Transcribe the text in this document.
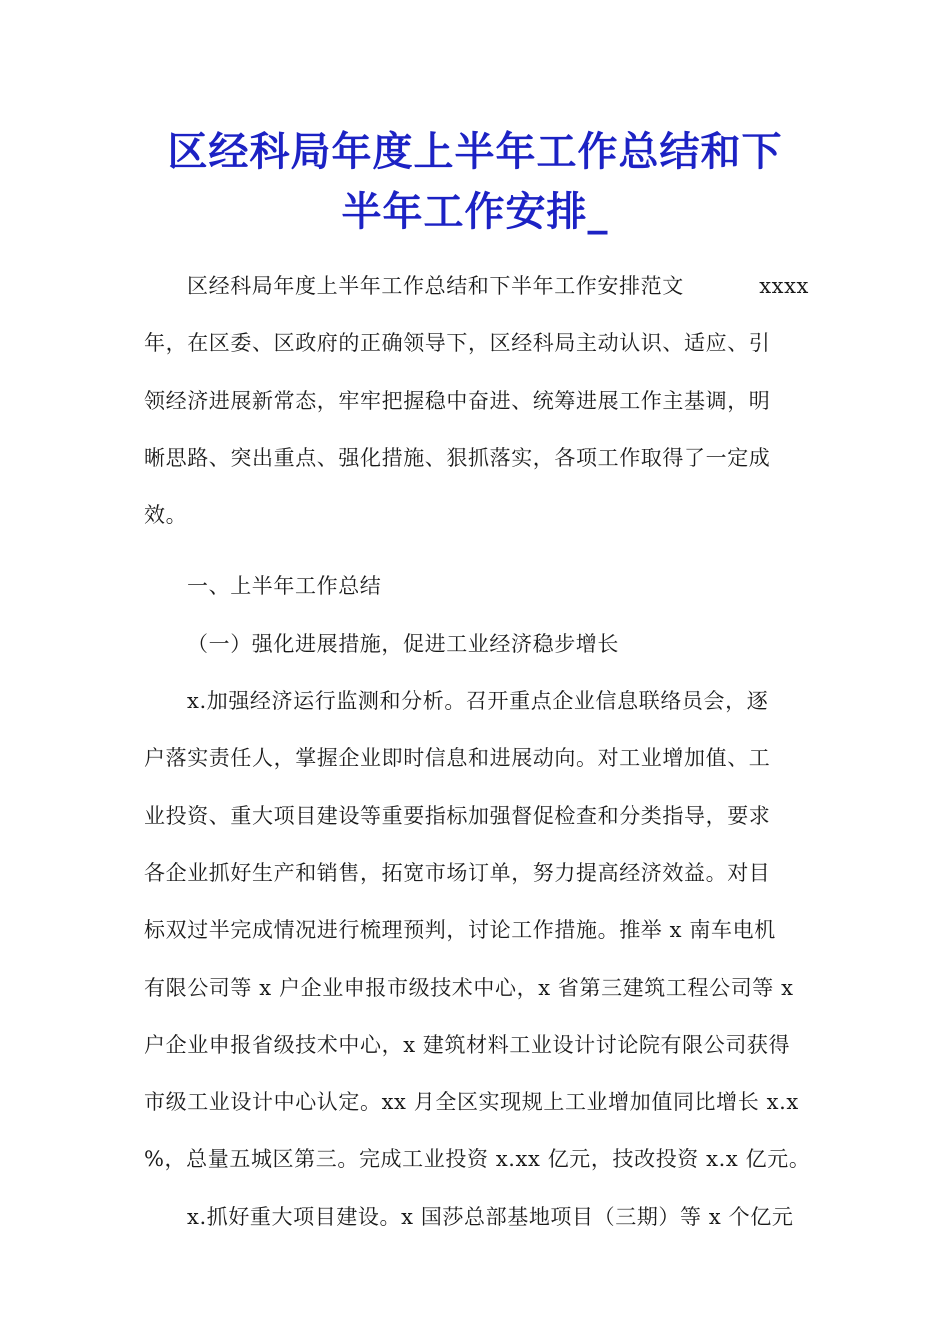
区经科局年度上半年工作总结和下
半年工作安排_
区经科局年度上半年工作总结和下半年工作安排范文	xxxx
年，在区委、区政府的正确领导下，区经科局主动认识、适应、引
领经济进展新常态，牢牢把握稳中奋进、统筹进展工作主基调，明
晰思路、突出重点、强化措施、狠抓落实，各项工作取得了一定成
效。
一、上半年工作总结
（一）强化进展措施，促进工业经济稳步增长
x.加强经济运行监测和分析。召开重点企业信息联络员会，逐
户落实责任人，掌握企业即时信息和进展动向。对工业增加值、工
业投资、重大项目建设等重要指标加强督促检查和分类指导，要求
各企业抓好生产和销售，拓宽市场订单，努力提高经济效益。对目
标双过半完成情况进行梳理预判，讨论工作措施。推举 x 南车电机
有限公司等 x 户企业申报市级技术中心，x 省第三建筑工程公司等 x
户企业申报省级技术中心，x 建筑材料工业设计讨论院有限公司获得
市级工业设计中心认定。xx 月全区实现规上工业增加值同比增长 x.x
%，总量五城区第三。完成工业投资 x.xx 亿元，技改投资 x.x 亿元。
x.抓好重大项目建设。x 国莎总部基地项目（三期）等 x 个亿元
